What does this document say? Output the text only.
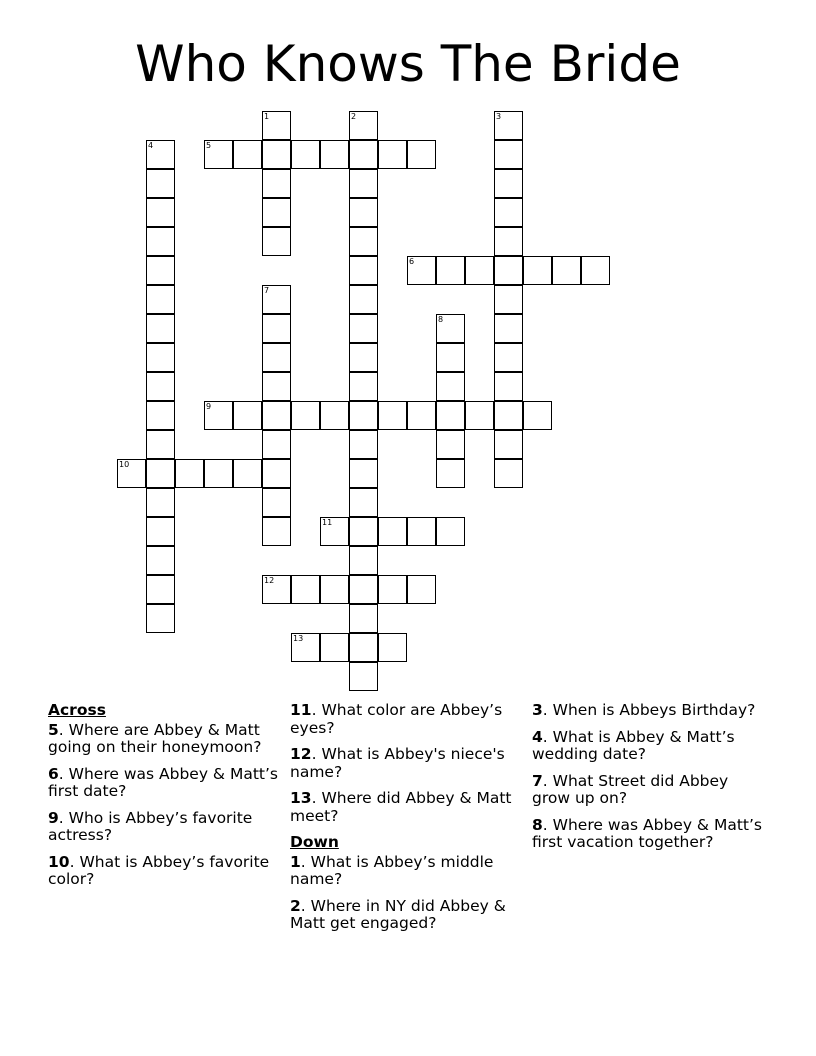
Who Knows The Bride
1	2	3
4	5
6
7
8
9
10
11
12
13
Across
5. Where are Abbey & Matt going on their honeymoon?
6. Where was Abbey & Matt’s first date?
9. Who is Abbey’s favorite actress?
10. What is Abbey’s favorite color?
11. What color are Abbey’s eyes?
12. What is Abbey's niece's name?
13. Where did Abbey & Matt meet?
Down
1. What is Abbey’s middle name?
2. Where in NY did Abbey & Matt get engaged?
3. When is Abbeys Birthday?
4. What is Abbey & Matt’s wedding date?
7. What Street did Abbey grow up on?
8. Where was Abbey & Matt’s first vacation together?
